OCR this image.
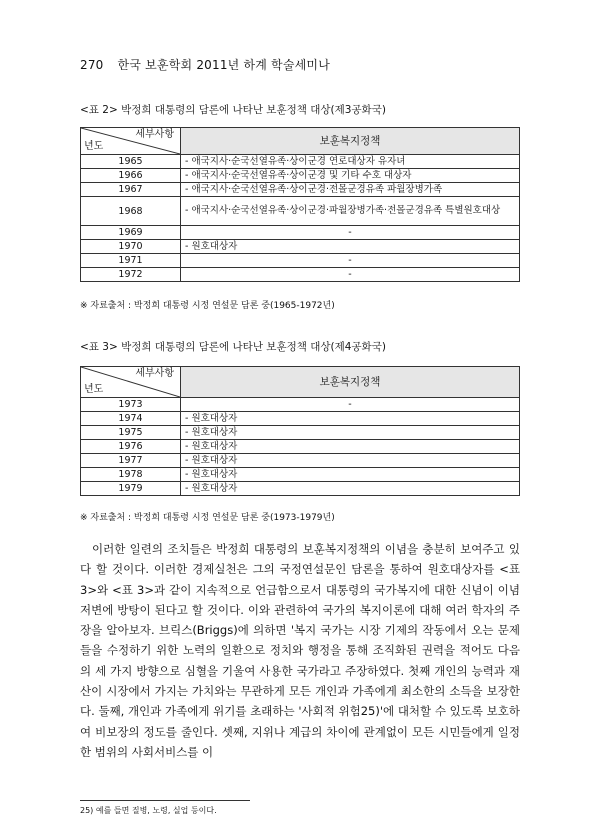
270 한국 보훈학회 2011년 하계 학술세미나
<표 2> 박정희 대통령의 담론에 나타난 보훈정책 대상(제3공화국)
세부사항
년도	보훈복지정책
1965	- 애국지사·순국선열유족·상이군경 연로대상자 유자녀
1966	- 애국지사·순국선열유족·상이군경 및 기타 수호 대상자
1967	- 애국지사·순국선열유족·상이군경·전몰군경유족 파월장병가족
1968	- 애국지사·순국선열유족·상이군경·파월장병가족·전몰군경유족 특별원호대상
1969	-
1970	- 원호대상자
1971	-
1972	-
※ 자료출처 : 박정희 대통령 시정 연설문 담론 중(1965-1972년)
<표 3> 박정희 대통령의 담론에 나타난 보훈정책 대상(제4공화국)
세부사항
년도	보훈복지정책
1973	-
1974	- 원호대상자
1975	- 원호대상자
1976	- 원호대상자
1977	- 원호대상자
1978	- 원호대상자
1979	- 원호대상자
※ 자료출처 : 박정희 대통령 시정 연설문 담론 중(1973-1979년)

이러한 일련의 조치들은 박정희 대통령의 보훈복지정책의 이념을 충분히 보여주고 있다 할 것이다. 이러한 경제실천은 그의 국정연설문인 담론을 통하여 원호대상자를 <표 3>와 <표 3>과 같이 지속적으로 언급함으로서 대통령의 국가복지에 대한 신념이 이념 저변에 방탕이 된다고 할 것이다. 이와 관련하여 국가의 복지이론에 대해 여러 학자의 주장을 알아보자. 브릭스(Briggs)에 의하면 '복지 국가는 시장 기제의 작동에서 오는 문제들을 수정하기 위한 노력의 일환으로 정치와 행정을 통해 조직화된 권력을 적어도 다음의 세 가지 방향으로 심혈을 기울여 사용한 국가라고 주장하였다. 첫째 개인의 능력과 재산이 시장에서 가지는 가치와는 무관하게 모든 개인과 가족에게 최소한의 소득을 보장한다. 둘째, 개인과 가족에게 위기를 초래하는 '사회적 위험25)'에 대처할 수 있도록 보호하여 비보장의 정도를 줄인다. 셋째, 지위나 계급의 차이에 관계없이 모든 시민들에게 일정한 범위의 사회서비스를 이

25) 예를 들면 질병, 노령, 실업 등이다.
